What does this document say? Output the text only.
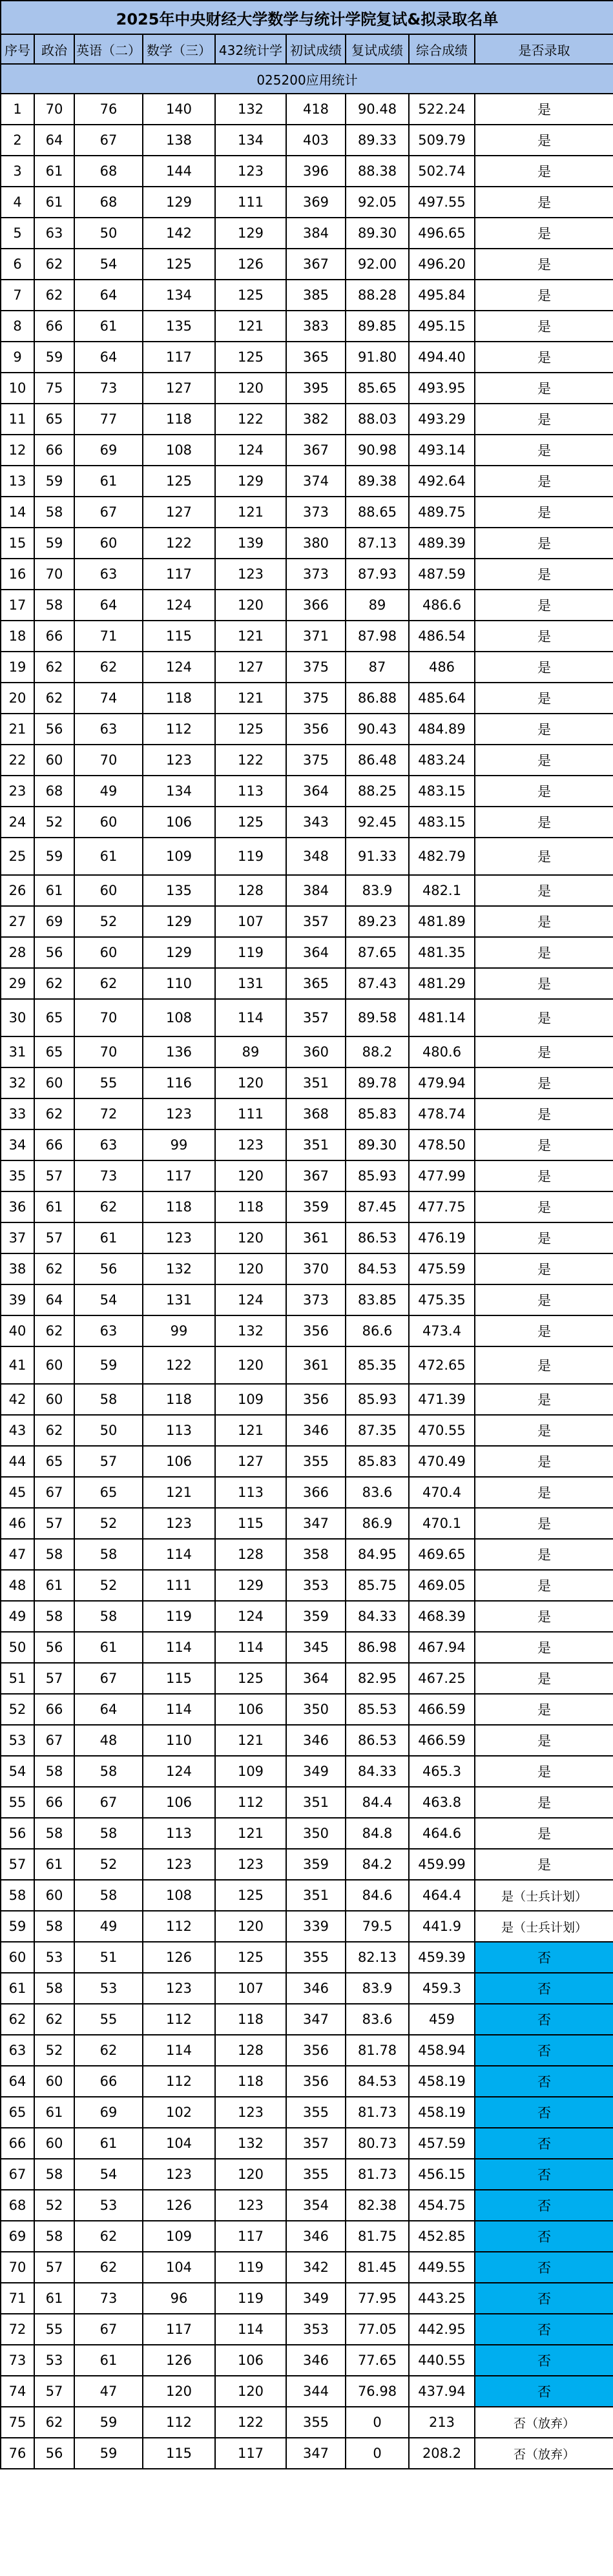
2025年中央财经大学数学与统计学院复试&拟录取名单								
序号	政治	英语（二）	数学（三）	432统计学	初试成绩	复试成绩	综合成绩	是否录取
025200应用统计								
1	70	76	140	132	418	90.48	522.24	是
2	64	67	138	134	403	89.33	509.79	是
3	61	68	144	123	396	88.38	502.74	是
4	61	68	129	111	369	92.05	497.55	是
5	63	50	142	129	384	89.30	496.65	是
6	62	54	125	126	367	92.00	496.20	是
7	62	64	134	125	385	88.28	495.84	是
8	66	61	135	121	383	89.85	495.15	是
9	59	64	117	125	365	91.80	494.40	是
10	75	73	127	120	395	85.65	493.95	是
11	65	77	118	122	382	88.03	493.29	是
12	66	69	108	124	367	90.98	493.14	是
13	59	61	125	129	374	89.38	492.64	是
14	58	67	127	121	373	88.65	489.75	是
15	59	60	122	139	380	87.13	489.39	是
16	70	63	117	123	373	87.93	487.59	是
17	58	64	124	120	366	89	486.6	是
18	66	71	115	121	371	87.98	486.54	是
19	62	62	124	127	375	87	486	是
20	62	74	118	121	375	86.88	485.64	是
21	56	63	112	125	356	90.43	484.89	是
22	60	70	123	122	375	86.48	483.24	是
23	68	49	134	113	364	88.25	483.15	是
24	52	60	106	125	343	92.45	483.15	是
25	59	61	109	119	348	91.33	482.79	是
26	61	60	135	128	384	83.9	482.1	是
27	69	52	129	107	357	89.23	481.89	是
28	56	60	129	119	364	87.65	481.35	是
29	62	62	110	131	365	87.43	481.29	是
30	65	70	108	114	357	89.58	481.14	是
31	65	70	136	89	360	88.2	480.6	是
32	60	55	116	120	351	89.78	479.94	是
33	62	72	123	111	368	85.83	478.74	是
34	66	63	99	123	351	89.30	478.50	是
35	57	73	117	120	367	85.93	477.99	是
36	61	62	118	118	359	87.45	477.75	是
37	57	61	123	120	361	86.53	476.19	是
38	62	56	132	120	370	84.53	475.59	是
39	64	54	131	124	373	83.85	475.35	是
40	62	63	99	132	356	86.6	473.4	是
41	60	59	122	120	361	85.35	472.65	是
42	60	58	118	109	356	85.93	471.39	是
43	62	50	113	121	346	87.35	470.55	是
44	65	57	106	127	355	85.83	470.49	是
45	67	65	121	113	366	83.6	470.4	是
46	57	52	123	115	347	86.9	470.1	是
47	58	58	114	128	358	84.95	469.65	是
48	61	52	111	129	353	85.75	469.05	是
49	58	58	119	124	359	84.33	468.39	是
50	56	61	114	114	345	86.98	467.94	是
51	57	67	115	125	364	82.95	467.25	是
52	66	64	114	106	350	85.53	466.59	是
53	67	48	110	121	346	86.53	466.59	是
54	58	58	124	109	349	84.33	465.3	是
55	66	67	106	112	351	84.4	463.8	是
56	58	58	113	121	350	84.8	464.6	是
57	61	52	123	123	359	84.2	459.99	是
58	60	58	108	125	351	84.6	464.4	是（士兵计划）
59	58	49	112	120	339	79.5	441.9	是（士兵计划）
60	53	51	126	125	355	82.13	459.39	否
61	58	53	123	107	346	83.9	459.3	否
62	62	55	112	118	347	83.6	459	否
63	52	62	114	128	356	81.78	458.94	否
64	60	66	112	118	356	84.53	458.19	否
65	61	69	102	123	355	81.73	458.19	否
66	60	61	104	132	357	80.73	457.59	否
67	58	54	123	120	355	81.73	456.15	否
68	52	53	126	123	354	82.38	454.75	否
69	58	62	109	117	346	81.75	452.85	否
70	57	62	104	119	342	81.45	449.55	否
71	61	73	96	119	349	77.95	443.25	否
72	55	67	117	114	353	77.05	442.95	否
73	53	61	126	106	346	77.65	440.55	否
74	57	47	120	120	344	76.98	437.94	否
75	62	59	112	122	355	0	213	否（放弃）
76	56	59	115	117	347	0	208.2	否（放弃）
